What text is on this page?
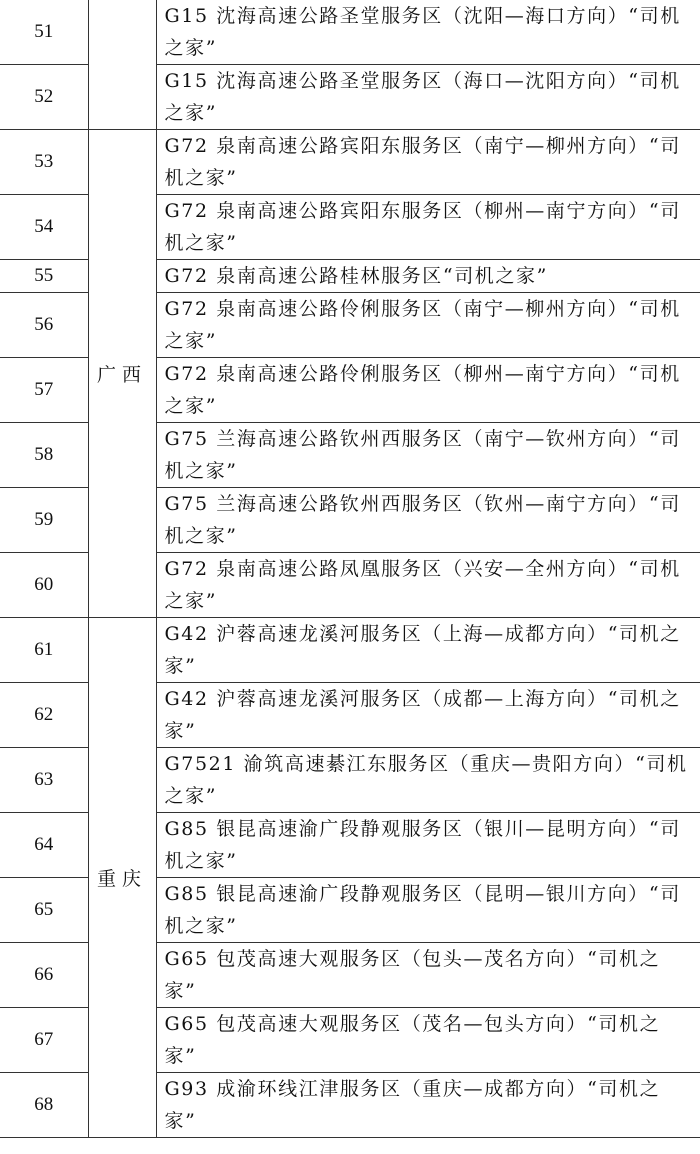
51		G15 沈海高速公路圣堂服务区（沈阳—海口方向）“司机之家”
52		G15 沈海高速公路圣堂服务区（海口—沈阳方向）“司机之家”
53	广西	G72 泉南高速公路宾阳东服务区（南宁—柳州方向）“司机之家”
54		G72 泉南高速公路宾阳东服务区（柳州—南宁方向）“司机之家”
55		G72 泉南高速公路桂林服务区“司机之家”
56		G72 泉南高速公路伶俐服务区（南宁—柳州方向）“司机之家”
57		G72 泉南高速公路伶俐服务区（柳州—南宁方向）“司机之家”
58		G75 兰海高速公路钦州西服务区（南宁—钦州方向）“司机之家”
59		G75 兰海高速公路钦州西服务区（钦州—南宁方向）“司机之家”
60		G72 泉南高速公路凤凰服务区（兴安—全州方向）“司机之家”
61	重庆	G42 沪蓉高速龙溪河服务区（上海—成都方向）“司机之家”
62		G42 沪蓉高速龙溪河服务区（成都—上海方向）“司机之家”
63		G7521 渝筑高速綦江东服务区（重庆—贵阳方向）“司机之家”
64		G85 银昆高速渝广段静观服务区（银川—昆明方向）“司机之家”
65		G85 银昆高速渝广段静观服务区（昆明—银川方向）“司机之家”
66		G65 包茂高速大观服务区（包头—茂名方向）“司机之家”
67		G65 包茂高速大观服务区（茂名—包头方向）“司机之家”
68		G93 成渝环线江津服务区（重庆—成都方向）“司机之家”
